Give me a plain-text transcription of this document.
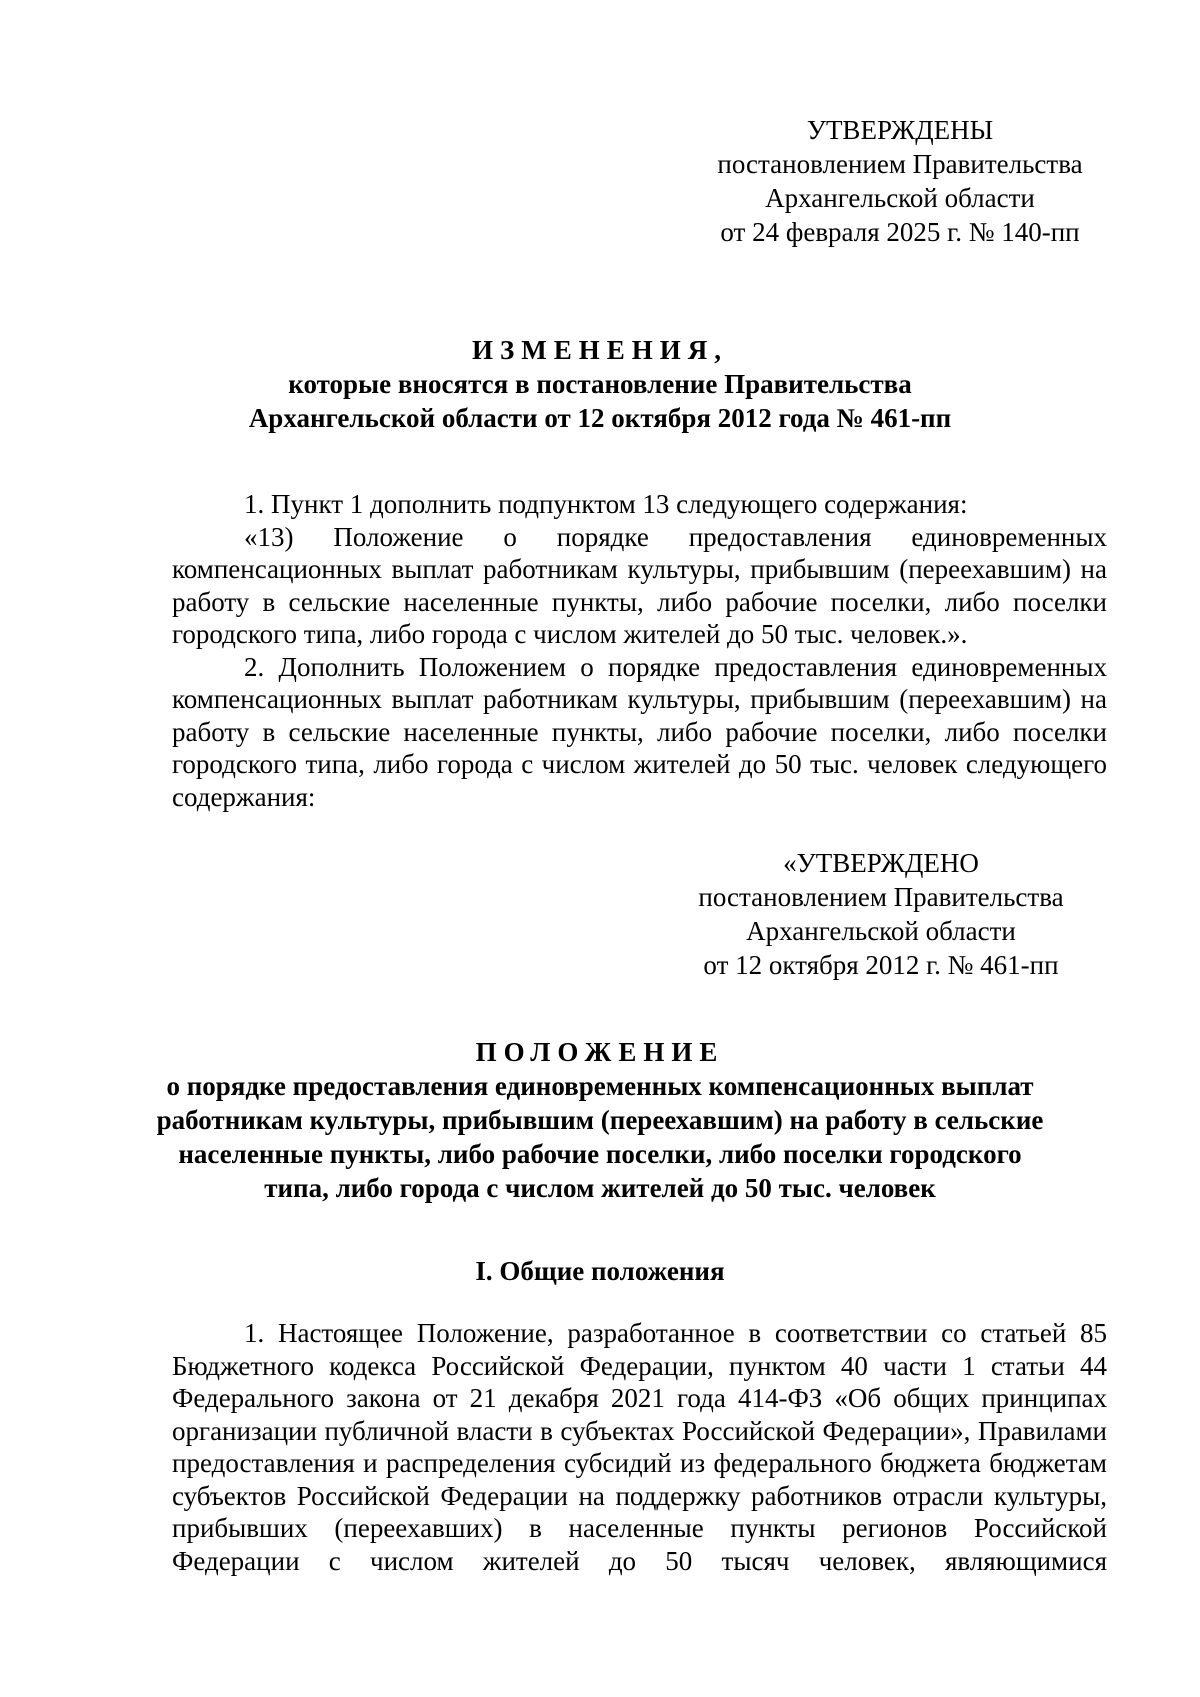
УТВЕРЖДЕНЫ
постановлением Правительства
Архангельской области
от 24 февраля 2025 г. № 140-пп
ИЗМЕНЕНИЯ,
которые вносятся в постановление Правительства
Архангельской области от 12 октября 2012 года № 461-пп

1. Пункт 1 дополнить подпунктом 13 следующего содержания:

«13) Положение о порядке предоставления единовременных компенсационных выплат работникам культуры, прибывшим (переехавшим) на работу в сельские населенные пункты, либо рабочие поселки, либо поселки городского типа, либо города с числом жителей до 50 тыс. человек.».

2. Дополнить Положением о порядке предоставления единовременных компенсационных выплат работникам культуры, прибывшим (переехавшим) на работу в сельские населенные пункты, либо рабочие поселки, либо поселки городского типа, либо города с числом жителей до 50 тыс. человек следующего содержания:

«УТВЕРЖДЕНО
постановлением Правительства
Архангельской области
от 12 октября 2012 г. № 461-пп
ПОЛОЖЕНИЕ
о порядке предоставления единовременных компенсационных выплат
работникам культуры, прибывшим (переехавшим) на работу в сельские
населенные пункты, либо рабочие поселки, либо поселки городского
типа, либо города с числом жителей до 50 тыс. человек
I. Общие положения

1. Настоящее Положение, разработанное в соответствии со статьей 85 Бюджетного кодекса Российской Федерации, пунктом 40 части 1 статьи 44 Федерального закона от 21 декабря 2021 года 414-ФЗ «Об общих принципах организации публичной власти в субъектах Российской Федерации», Правилами предоставления и распределения субсидий из федерального бюджета бюджетам субъектов Российской Федерации на поддержку работников отрасли культуры, прибывших (переехавших) в населенные пункты регионов Российской Федерации с числом жителей до 50 тысяч человек, являющимися
